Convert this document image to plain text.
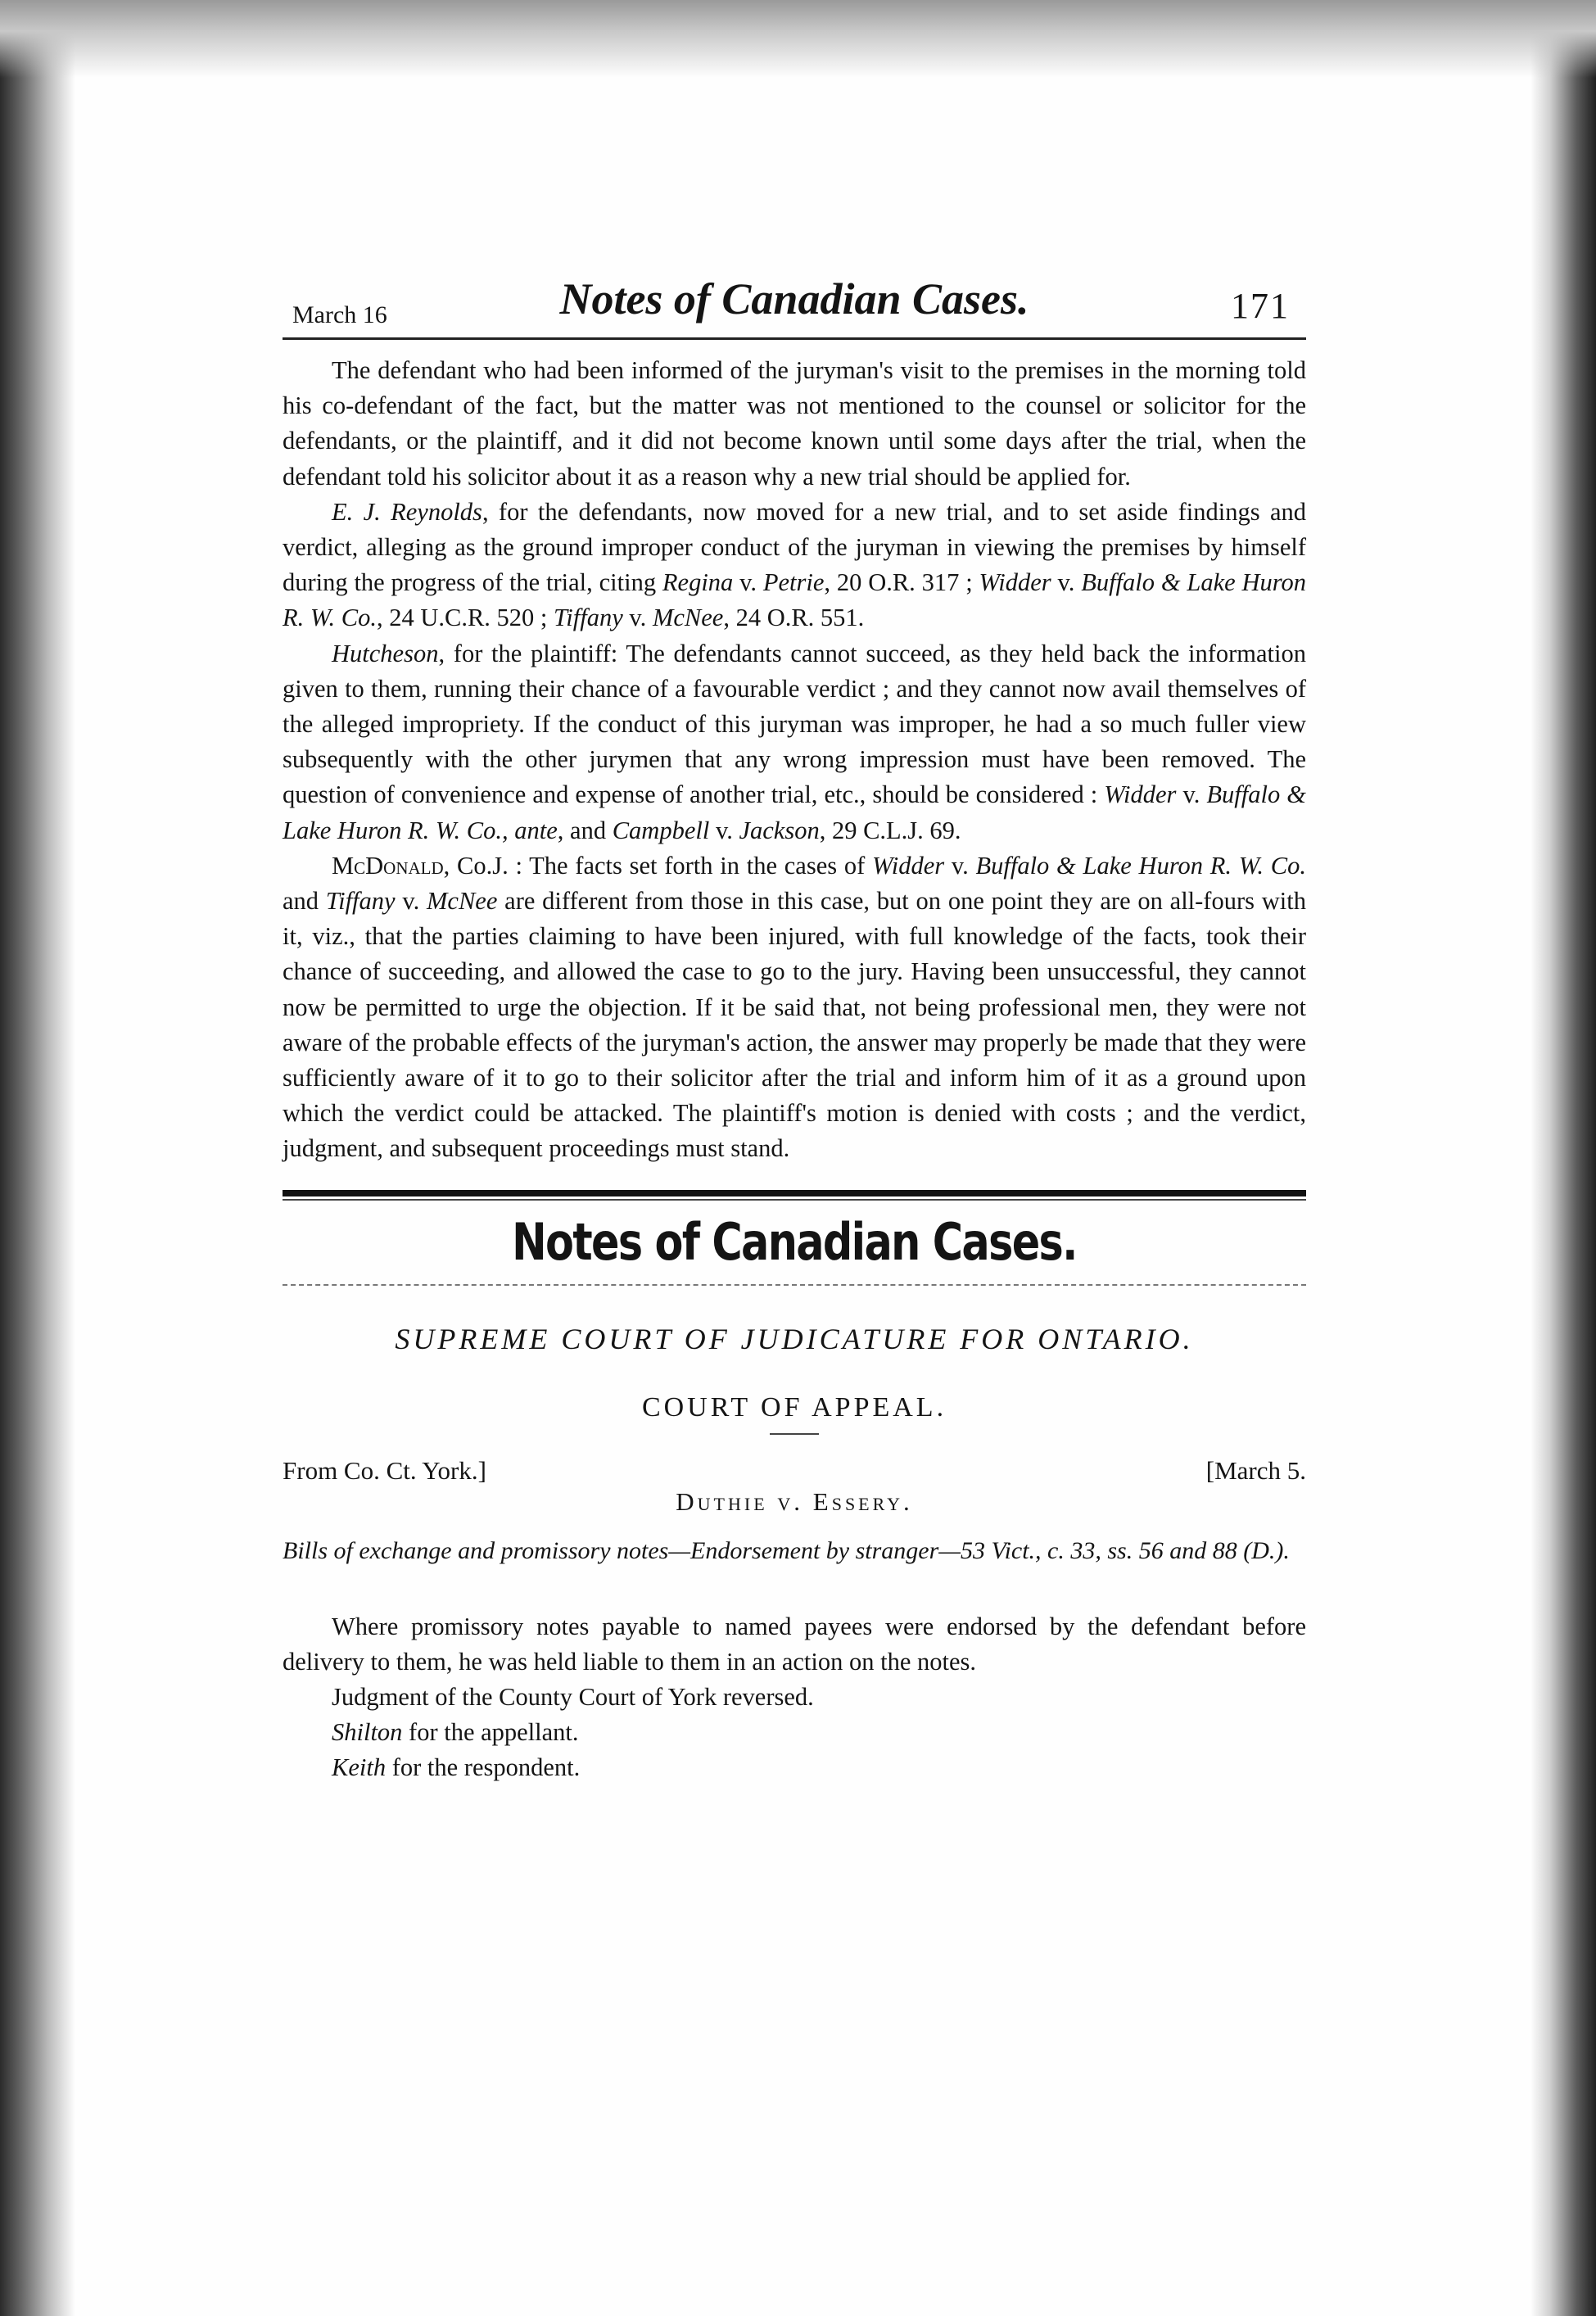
March 16	Notes of Canadian Cases.	171

The defendant who had been informed of the juryman's visit to the premises in the morning told his co-defendant of the fact, but the matter was not mentioned to the counsel or solicitor for the defendants, or the plaintiff, and it did not become known until some days after the trial, when the defendant told his solicitor about it as a reason why a new trial should be applied for.

E. J. Reynolds, for the defendants, now moved for a new trial, and to set aside findings and verdict, alleging as the ground improper conduct of the juryman in viewing the premises by himself during the progress of the trial, citing Regina v. Petrie, 20 O.R. 317 ; Widder v. Buffalo & Lake Huron R. W. Co., 24 U.C.R. 520 ; Tiffany v. McNee, 24 O.R. 551.

Hutcheson, for the plaintiff: The defendants cannot succeed, as they held back the information given to them, running their chance of a favourable verdict ; and they cannot now avail themselves of the alleged impropriety. If the conduct of this juryman was improper, he had a so much fuller view subsequently with the other jurymen that any wrong impression must have been removed. The question of convenience and expense of another trial, etc., should be considered : Widder v. Buffalo & Lake Huron R. W. Co., ante, and Campbell v. Jackson, 29 C.L.J. 69.

McDonald, Co.J. : The facts set forth in the cases of Widder v. Buffalo & Lake Huron R. W. Co. and Tiffany v. McNee are different from those in this case, but on one point they are on all-fours with it, viz., that the parties claiming to have been injured, with full knowledge of the facts, took their chance of succeeding, and allowed the case to go to the jury. Having been unsuccessful, they cannot now be permitted to urge the objection. If it be said that, not being professional men, they were not aware of the probable effects of the juryman's action, the answer may properly be made that they were sufficiently aware of it to go to their solicitor after the trial and inform him of it as a ground upon which the verdict could be attacked. The plaintiff's motion is denied with costs ; and the verdict, judgment, and subsequent proceedings must stand.

Notes of Canadian Cases.
SUPREME COURT OF JUDICATURE FOR ONTARIO.
COURT OF APPEAL.
From Co. Ct. York.]	[March 5.
Duthie v. Essery.

Bills of exchange and promissory notes—Endorsement by stranger—53 Vict., c. 33, ss. 56 and 88 (D.).

Where promissory notes payable to named payees were endorsed by the defendant before delivery to them, he was held liable to them in an action on the notes.

Judgment of the County Court of York reversed.

Shilton for the appellant.

Keith for the respondent.
